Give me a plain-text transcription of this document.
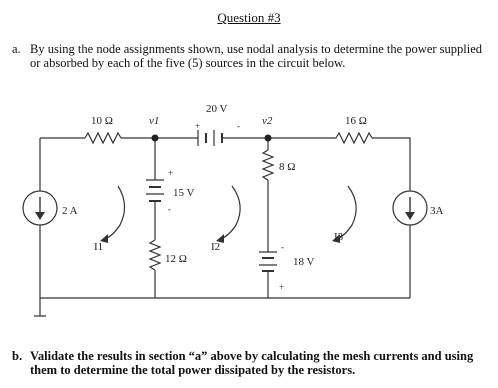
Question #3
a. By using the node assignments shown, use nodal analysis to determine the power supplied or absorbed by each of the five (5) sources in the circuit below.
10 Ω	v1
20 V
+	- v2	16 Ω
8 Ω
+
15 V
-
2 A	3A
I1	I2
I3
12 Ω
-
18 V
+
b. Validate the results in section “a” above by calculating the mesh currents and using them to determine the total power dissipated by the resistors.
